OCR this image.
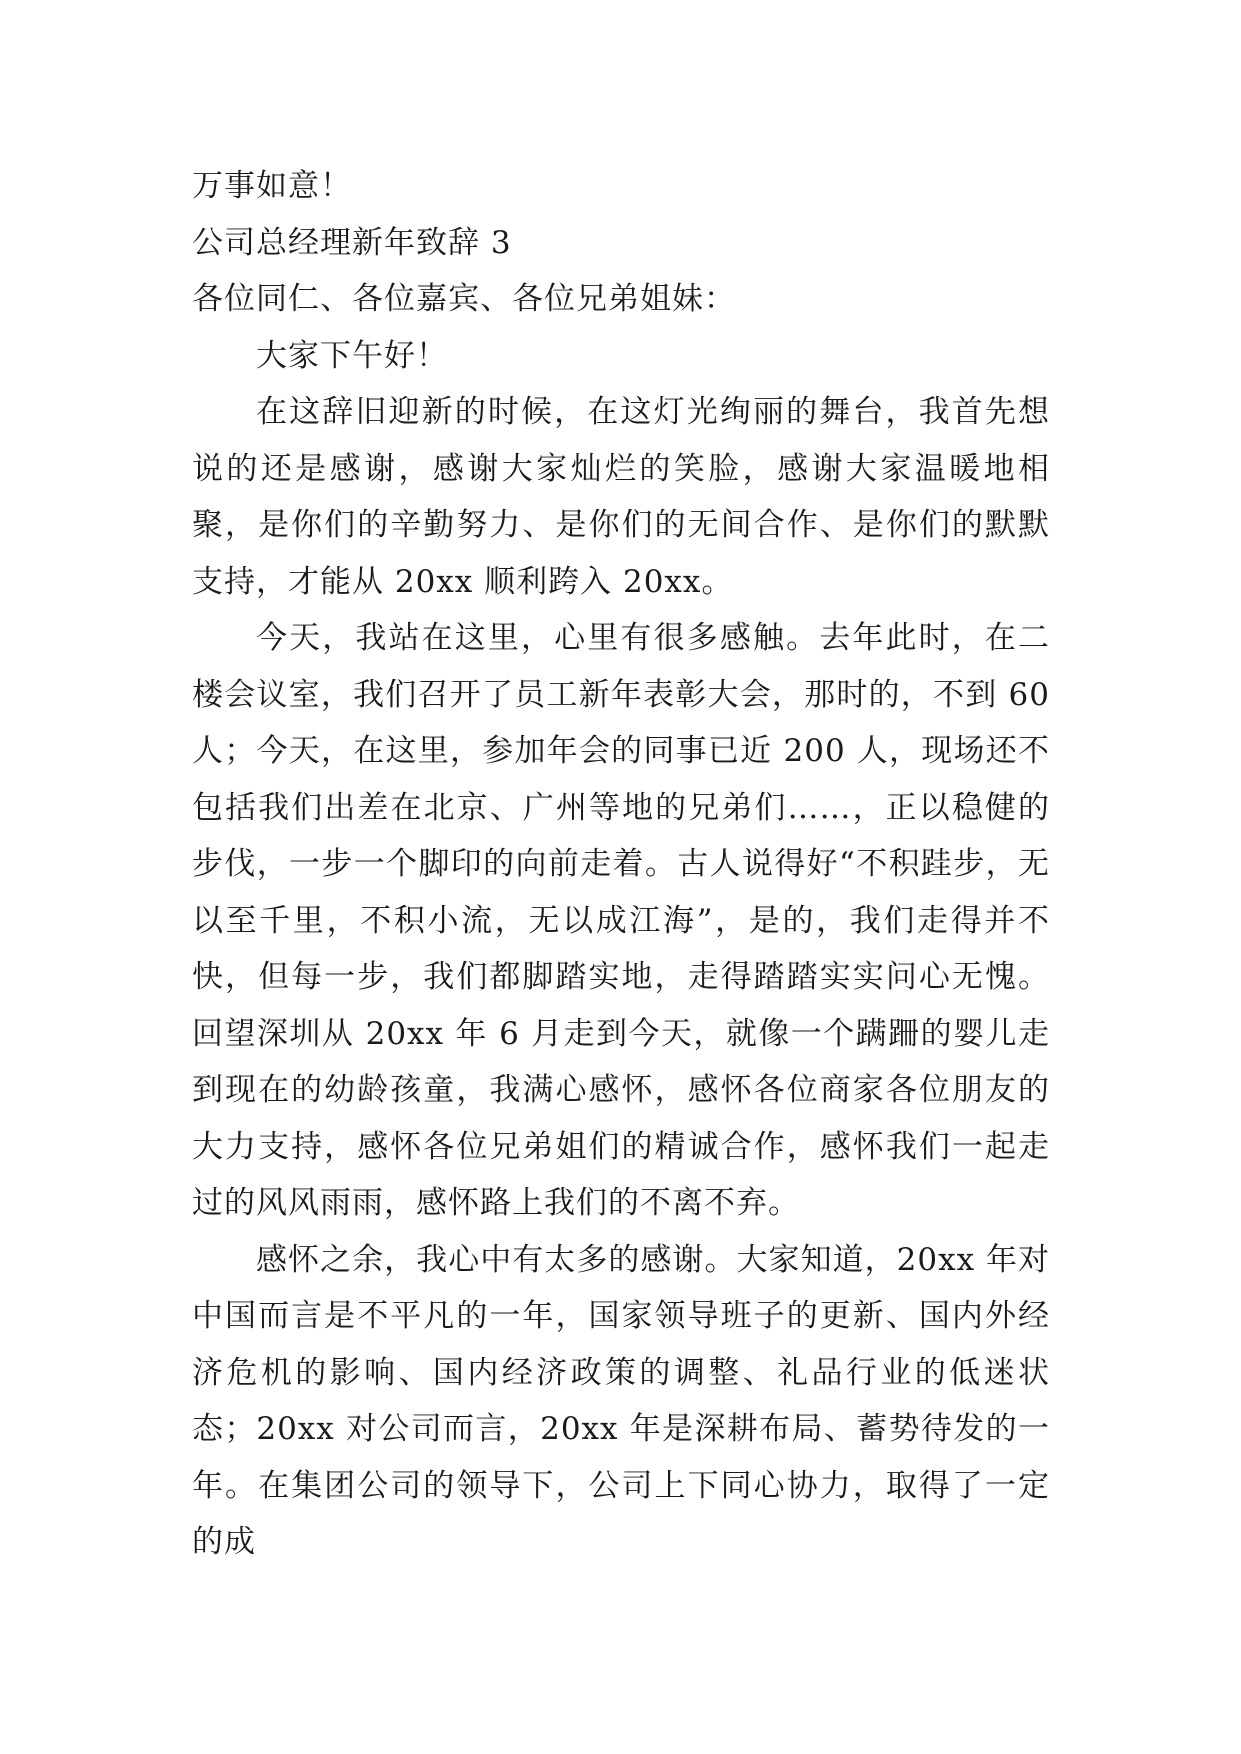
万事如意！
公司总经理新年致辞 3
各位同仁、各位嘉宾、各位兄弟姐妹：
大家下午好！

在这辞旧迎新的时候，在这灯光绚丽的舞台，我首先想说的还是感谢，感谢大家灿烂的笑脸，感谢大家温暖地相聚，是你们的辛勤努力、是你们的无间合作、是你们的默默支持，才能从 20xx 顺利跨入 20xx。

今天，我站在这里，心里有很多感触。去年此时，在二楼会议室，我们召开了员工新年表彰大会，那时的，不到 60 人；今天，在这里，参加年会的同事已近 200 人，现场还不包括我们出差在北京、广州等地的兄弟们……，正以稳健的步伐，一步一个脚印的向前走着。古人说得好“不积跬步，无以至千里，不积小流，无以成江海”，是的，我们走得并不快，但每一步，我们都脚踏实地，走得踏踏实实问心无愧。回望深圳从 20xx 年 6 月走到今天，就像一个蹒跚的婴儿走到现在的幼龄孩童，我满心感怀，感怀各位商家各位朋友的大力支持，感怀各位兄弟姐们的精诚合作，感怀我们一起走过的风风雨雨，感怀路上我们的不离不弃。

感怀之余，我心中有太多的感谢。大家知道，20xx 年对中国而言是不平凡的一年，国家领导班子的更新、国内外经济危机的影响、国内经济政策的调整、礼品行业的低迷状态；20xx 对公司而言，20xx 年是深耕布局、蓄势待发的一年。在集团公司的领导下，公司上下同心协力，取得了一定的成
